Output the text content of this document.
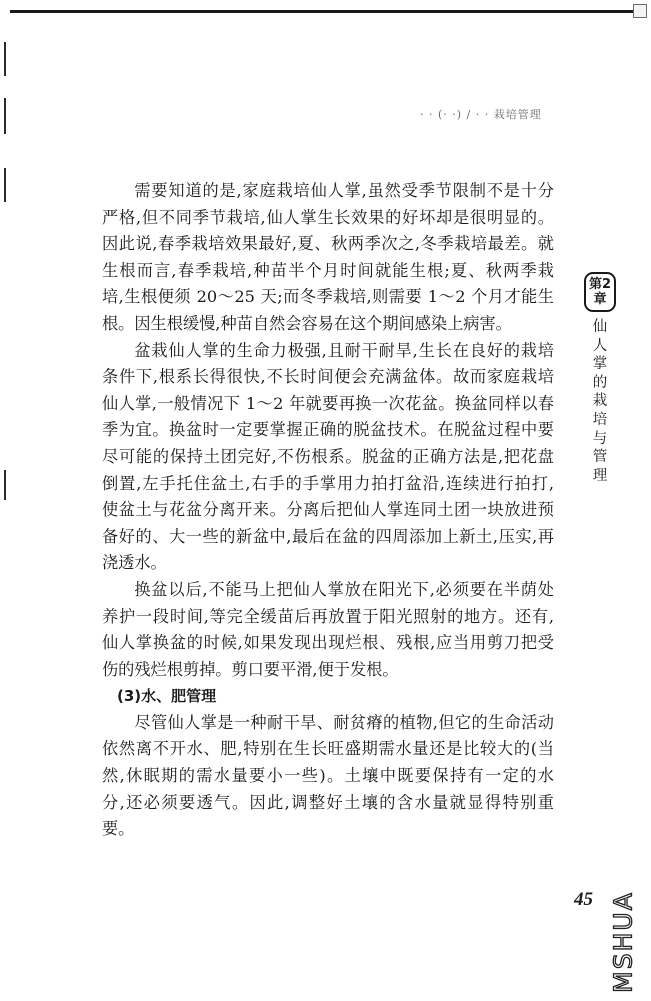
· · (· ·) / · · 栽培管理
第2章
仙
人
掌
的
栽
培
与
管
理
需要知道的是,家庭栽培仙人掌,虽然受季节限制不是十分
严格,但不同季节栽培,仙人掌生长效果的好坏却是很明显的。
因此说,春季栽培效果最好,夏、秋两季次之,冬季栽培最差。就
生根而言,春季栽培,种苗半个月时间就能生根;夏、秋两季栽
培,生根便须 20～25 天;而冬季栽培,则需要 1～2 个月才能生
根。因生根缓慢,种苗自然会容易在这个期间感染上病害。
盆栽仙人掌的生命力极强,且耐干耐旱,生长在良好的栽培
条件下,根系长得很快,不长时间便会充满盆体。故而家庭栽培
仙人掌,一般情况下 1～2 年就要再换一次花盆。换盆同样以春
季为宜。换盆时一定要掌握正确的脱盆技术。在脱盆过程中要
尽可能的保持土团完好,不伤根系。脱盆的正确方法是,把花盘
倒置,左手托住盆土,右手的手掌用力拍打盆沿,连续进行拍打,
使盆土与花盆分离开来。分离后把仙人掌连同土团一块放进预
备好的、大一些的新盆中,最后在盆的四周添加上新土,压实,再
浇透水。
换盆以后,不能马上把仙人掌放在阳光下,必须要在半荫处
养护一段时间,等完全缓苗后再放置于阳光照射的地方。还有,
仙人掌换盆的时候,如果发现出现烂根、残根,应当用剪刀把受
伤的残烂根剪掉。剪口要平滑,便于发根。
(3)水、肥管理
尽管仙人掌是一种耐干旱、耐贫瘠的植物,但它的生命活动
依然离不开水、肥,特别在生长旺盛期需水量还是比较大的(当
然,休眠期的需水量要小一些)。土壤中既要保持有一定的水
分,还必须要透气。因此,调整好土壤的含水量就显得特别重
要。
45 MSHUA
